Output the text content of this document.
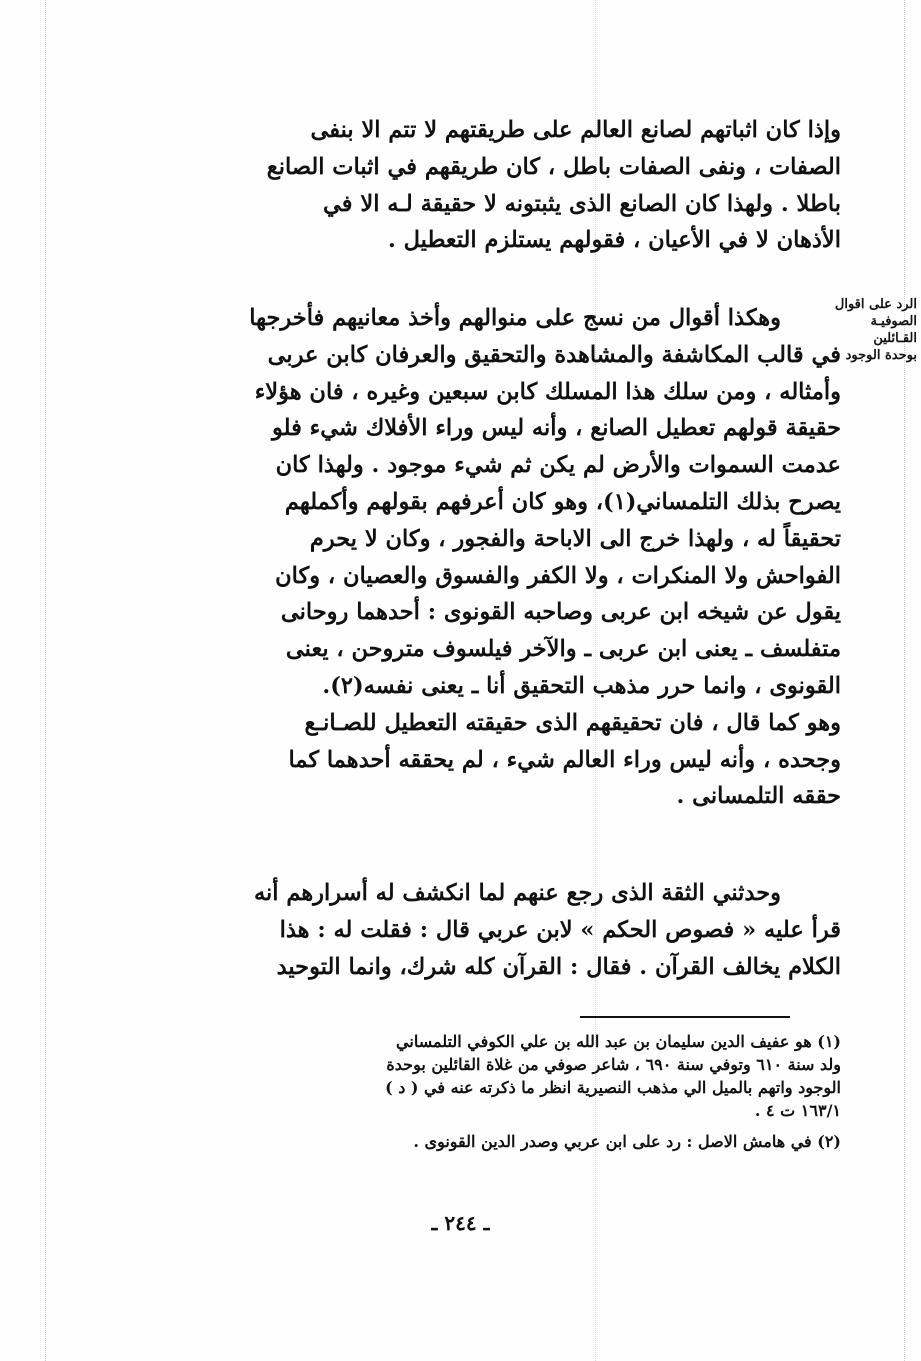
وإذا كان اثباتهم لصانع العالم على طريقتهم لا تتم الا بنفى
الصفات ، ونفى الصفات باطل ، كان طريقهم في اثبات الصانع
باطلا . ولهذا كان الصانع الذى يثبتونه لا حقيقة لـه الا في
الأذهان لا في الأعيان ، فقولهم يستلزم التعطيل .
الرد على اقوال
الصوفيـة
القـائلين
بوحدة الوجود
وهكذا أقوال من نسج على منوالهم وأخذ معانيهم فأخرجها
في قالب المكاشفة والمشاهدة والتحقيق والعرفان كابن عربى
وأمثاله ، ومن سلك هذا المسلك كابن سبعين وغيره ، فان هؤلاء
حقيقة قولهم تعطيل الصانع ، وأنه ليس وراء الأفلاك شيء فلو
عدمت السموات والأرض لم يكن ثم شيء موجود . ولهذا كان
يصرح بذلك التلمساني(١)، وهو كان أعرفهم بقولهم وأكملهم
تحقيقاً له ، ولهذا خرج الى الاباحة والفجور ، وكان لا يحرم
الفواحش ولا المنكرات ، ولا الكفر والفسوق والعصيان ، وكان
يقول عن شيخه ابن عربى وصاحبه القونوى : أحدهما روحانى
متفلسف ـ يعنى ابن عربى ـ والآخر فيلسوف متروحن ، يعنى
القونوى ، وانما حرر مذهب التحقيق أنا ـ يعنى نفسه(٢).
وهو كما قال ، فان تحقيقهم الذى حقيقته التعطيل للصـانـع
وجحده ، وأنه ليس وراء العالم شيء ، لم يحققه أحدهما كما
حققه التلمسانى .
وحدثني الثقة الذى رجع عنهم لما انكشف له أسرارهم أنه
قرأ عليه « فصوص الحكم » لابن عربي قال : فقلت له : هذا
الكلام يخالف القرآن . فقال : القرآن كله شرك، وانما التوحيد
(١) هو عفيف الدين سليمان بن عبد الله بن علي الكوفي التلمساني
ولد سنة ٦١٠ وتوفي سنة ٦٩٠ ، شاعر صوفي من غلاة القائلين بوحدة
الوجود واتهم بالميل الي مذهب النصيرية انظر ما ذكرته عنه في ( د )
١٦٣/١ ت ٤ .
(٢) في هامش الاصل : رد على ابن عربي وصدر الدين القونوى .
ـ ٢٤٤ ـ
